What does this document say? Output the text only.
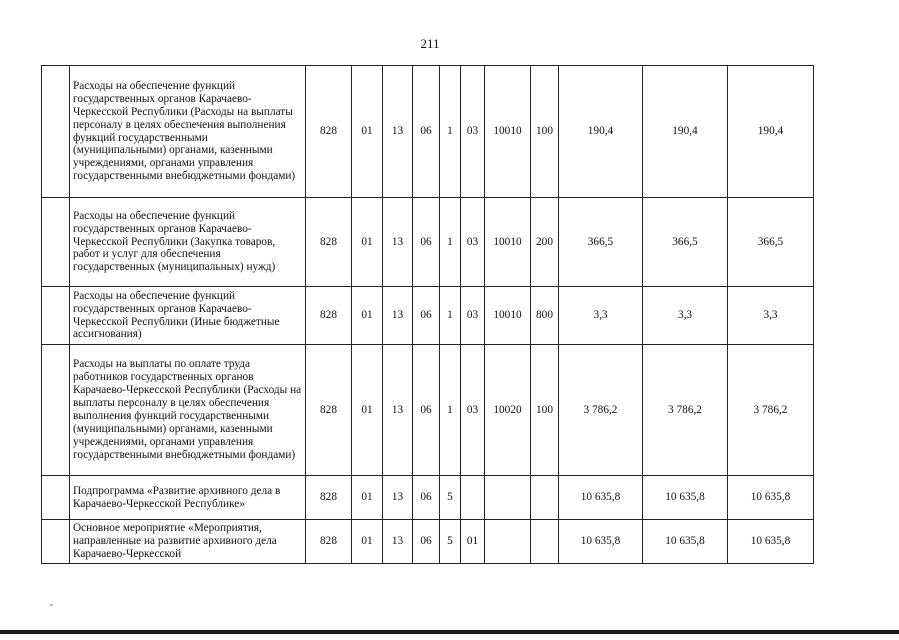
211
	Расходы на обеспечение функций государственных органов Карачаево-Черкесской Республики (Расходы на выплаты персоналу в целях обеспечения выполнения функций государственными (муниципальными) органами, казенными учреждениями, органами управления государственными внебюджетными фондами)	828	01	13	06	1	03	10010	100	190,4	190,4	190,4
	Расходы на обеспечение функций государственных органов Карачаево-Черкесской Республики (Закупка товаров, работ и услуг для обеспечения государственных (муниципальных) нужд)	828	01	13	06	1	03	10010	200	366,5	366,5	366,5
	Расходы на обеспечение функций государственных органов Карачаево-Черкесской Республики (Иные бюджетные ассигнования)	828	01	13	06	1	03	10010	800	3,3	3,3	3,3
	Расходы на выплаты по оплате труда работников государственных органов Карачаево-Черкесской Республики (Расходы на выплаты персоналу в целях обеспечения выполнения функций государственными (муниципальными) органами, казенными учреждениями, органами управления государственными внебюджетными фондами)	828	01	13	06	1	03	10020	100	3 786,2	3 786,2	3 786,2
	Подпрограмма «Развитие архивного дела в Карачаево-Черкесской Республике»	828	01	13	06	5				10 635,8	10 635,8	10 635,8
	Основное мероприятие «Мероприятия, направленные на развитие архивного дела Карачаево-Черкесской	828	01	13	06	5	01			10 635,8	10 635,8	10 635,8
